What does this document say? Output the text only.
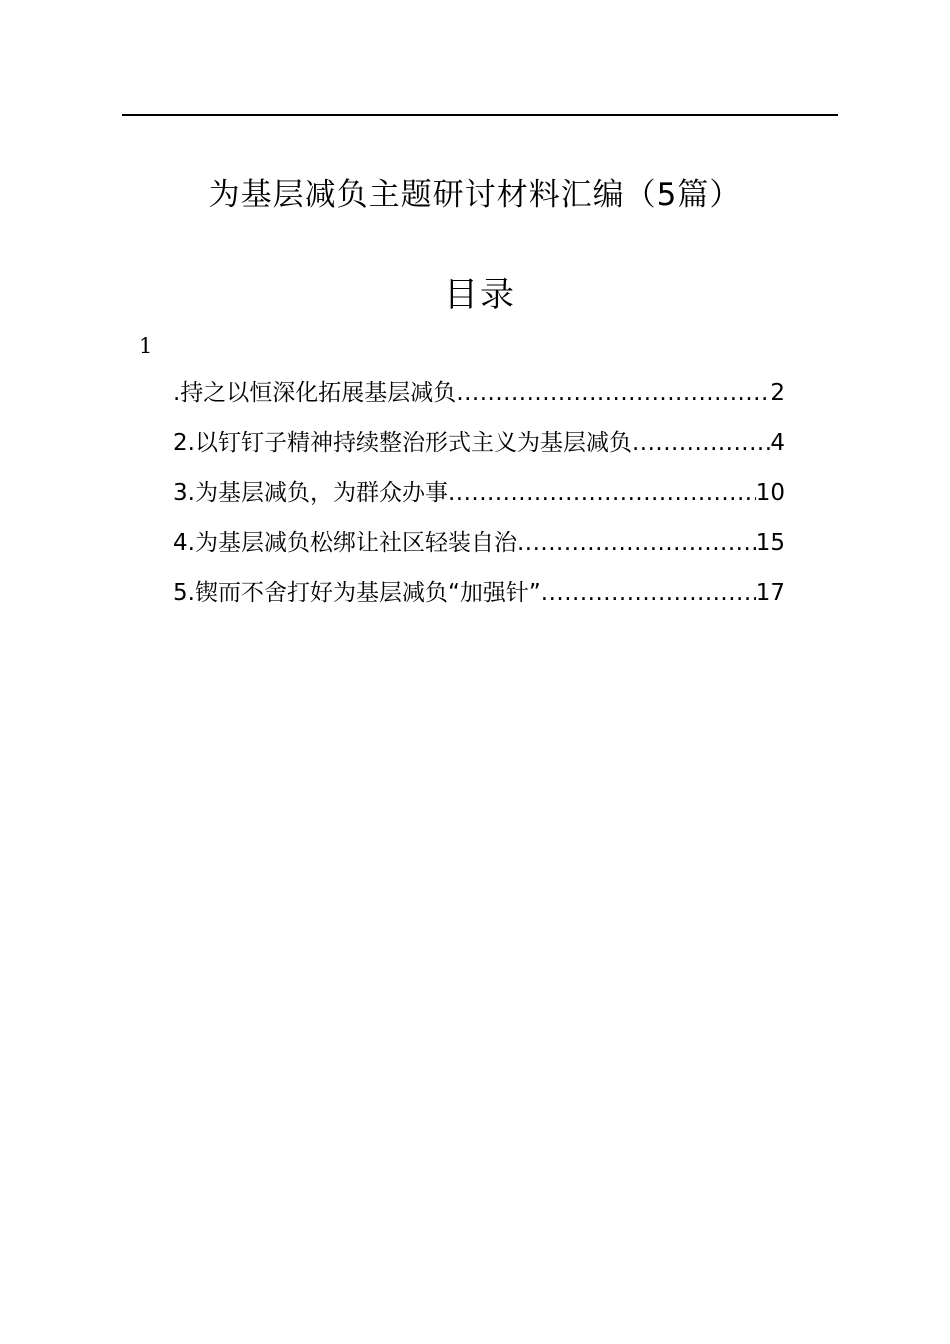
为基层减负主题研讨材料汇编（5篇）
目录
1
.持之以恒深化拓展基层减负 .....	2
2.以钉钉子精神持续整治形式主义为基层减负 .....	4
3.为基层减负，为群众办事 .....	10
4.为基层减负松绑让社区轻装自治 .....	15
5.锲而不舍打好为基层减负“加强针” .....	17
